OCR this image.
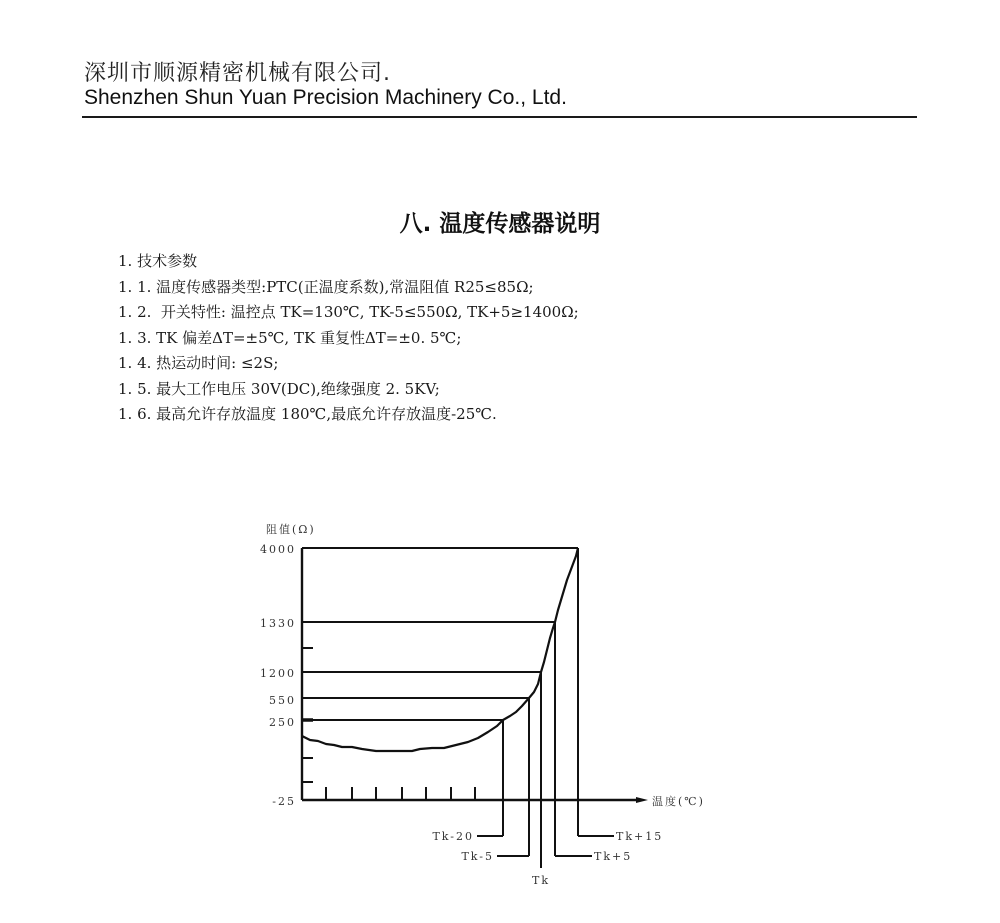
深圳市顺源精密机械有限公司.
Shenzhen Shun Yuan Precision Machinery Co., Ltd.
八. 温度传感器说明
1. 技术参数
1. 1. 温度传感器类型:PTC(正温度系数),常温阻值 R25≤85Ω;
1. 2.  开关特性: 温控点 TK=130℃, TK-5≤550Ω, TK+5≥1400Ω;
1. 3. TK 偏差ΔT=±5℃, TK 重复性ΔT=±0. 5℃;
1. 4. 热运动时间: ≤2S;
1. 5. 最大工作电压 30V(DC),绝缘强度 2. 5KV;
1. 6. 最高允许存放温度 180℃,最底允许存放温度-25℃.
4000
1330
1200
550
250
-25
Tk-20
Tk-5
Tk
Tk+5
Tk+15
阻值(Ω)
温度(℃)
